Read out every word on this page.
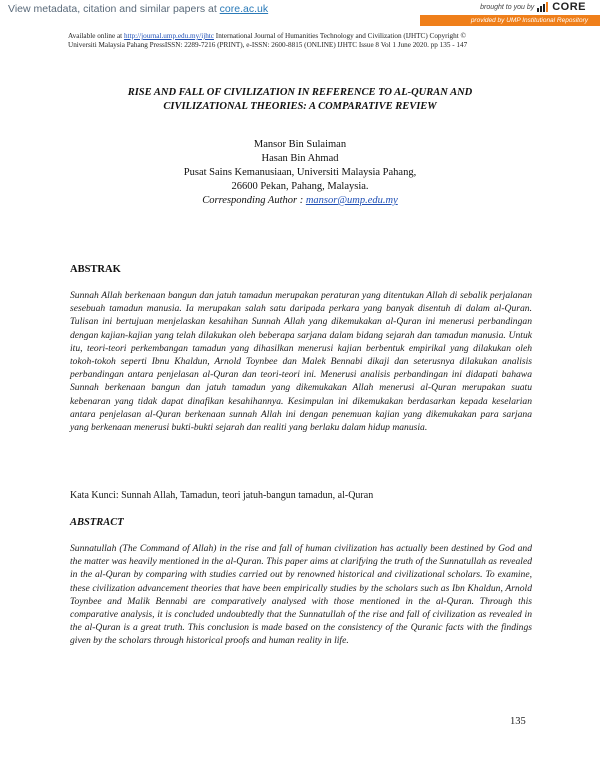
View metadata, citation and similar papers at core.ac.uk	brought to you by CORE
provided by UMP Institutional Repository
Available online at http://journal.ump.edu.my/ijhtc International Journal of Humanities Technology and Civilization (IJHTC) Copyright ©
Universiti Malaysia Pahang PressISSN: 2289-7216 (PRINT), e-ISSN: 2600-8815 (ONLINE) IJHTC Issue 8 Vol 1 June 2020. pp 135 - 147
RISE AND FALL OF CIVILIZATION IN REFERENCE TO AL-QURAN AND
CIVILIZATIONAL THEORIES: A COMPARATIVE REVIEW
Mansor Bin Sulaiman
Hasan Bin Ahmad
Pusat Sains Kemanusiaan, Universiti Malaysia Pahang,
26600 Pekan, Pahang, Malaysia.
Corresponding Author : mansor@ump.edu.my
ABSTRAK
Sunnah Allah berkenaan bangun dan jatuh tamadun merupakan peraturan yang ditentukan Allah di sebalik perjalanan sesebuah tamadun manusia. Ia merupakan salah satu daripada perkara yang banyak disentuh di dalam al-Quran. Tulisan ini bertujuan menjelaskan kesahihan Sunnah Allah yang dikemukakan al-Quran ini menerusi perbandingan dengan kajian-kajian yang telah dilakukan oleh beberapa sarjana dalam bidang sejarah dan tamadun manusia. Untuk itu, teori-teori perkembangan tamadun yang dihasilkan menerusi kajian berbentuk empirikal yang dilakukan oleh tokoh-tokoh seperti Ibnu Khaldun, Arnold Toynbee dan Malek Bennabi dikaji dan seterusnya dilakukan analisis perbandingan antara penjelasan al-Quran dan teori-teori ini. Menerusi analisis perbandingan ini didapati bahawa Sunnah berkenaan bangun dan jatuh tamadun yang dikemukakan Allah menerusi al-Quran merupakan suatu kebenaran yang tidak dapat dinafikan kesahihannya. Kesimpulan ini dikemukakan berdasarkan kepada keselarian antara penjelasan al-Quran berkenaan sunnah Allah ini dengan penemuan kajian yang dikemukakan para sarjana yang berkenaan menerusi bukti-bukti sejarah dan realiti yang berlaku dalam hidup manusia.
Kata Kunci: Sunnah Allah, Tamadun, teori jatuh-bangun tamadun, al-Quran
ABSTRACT
Sunnatullah (The Command of Allah) in the rise and fall of human civilization has actually been destined by God and the matter was heavily mentioned in the al-Quran. This paper aims at clarifying the truth of the Sunnatullah as revealed in the al-Quran by comparing with studies carried out by renowned historical and civilizational scholars. To examine, these civilization advancement theories that have been empirically studies by the scholars such as Ibn Khaldun, Arnold Toynbee and Malik Bennabi are comparatively analysed with those mentioned in the al-Quran. Through this comparative analysis, it is concluded undoubtedly that the Sunnatullah of the rise and fall of civilization as revealed in the al-Quran is a great truth. This conclusion is made based on the consistency of the Quranic facts with the findings given by the scholars through historical proofs and human reality in life.
135
